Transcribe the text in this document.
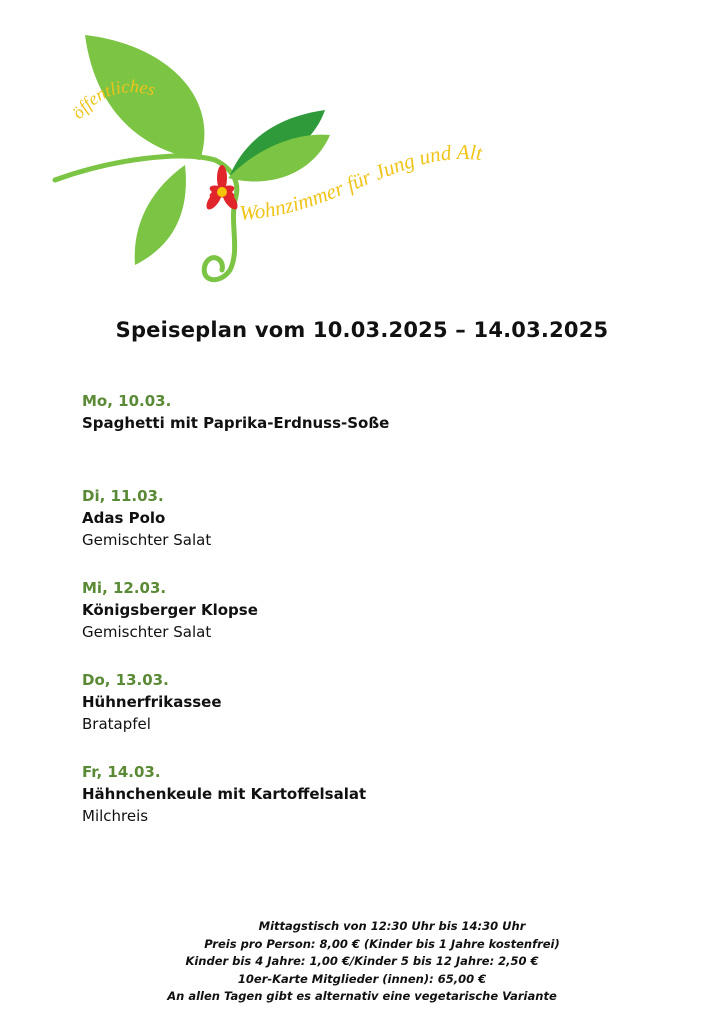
öffentliches
Wohnzimmer für Jung und Alt
Speiseplan vom 10.03.2025 – 14.03.2025
Mo, 10.03.
Spaghetti mit Paprika-Erdnuss-Soße
Di, 11.03.
Adas Polo
Gemischter Salat
Mi, 12.03.
Königsberger Klopse
Gemischter Salat
Do, 13.03.
Hühnerfrikassee
Bratapfel
Fr, 14.03.
Hähnchenkeule mit Kartoffelsalat
Milchreis
Mittagstisch von 12:30 Uhr bis 14:30 Uhr
Preis pro Person: 8,00 € (Kinder bis 1 Jahre kostenfrei)
Kinder bis 4 Jahre: 1,00 €/Kinder 5 bis 12 Jahre: 2,50 €
10er-Karte Mitglieder (innen): 65,00 €
An allen Tagen gibt es alternativ eine vegetarische Variante
